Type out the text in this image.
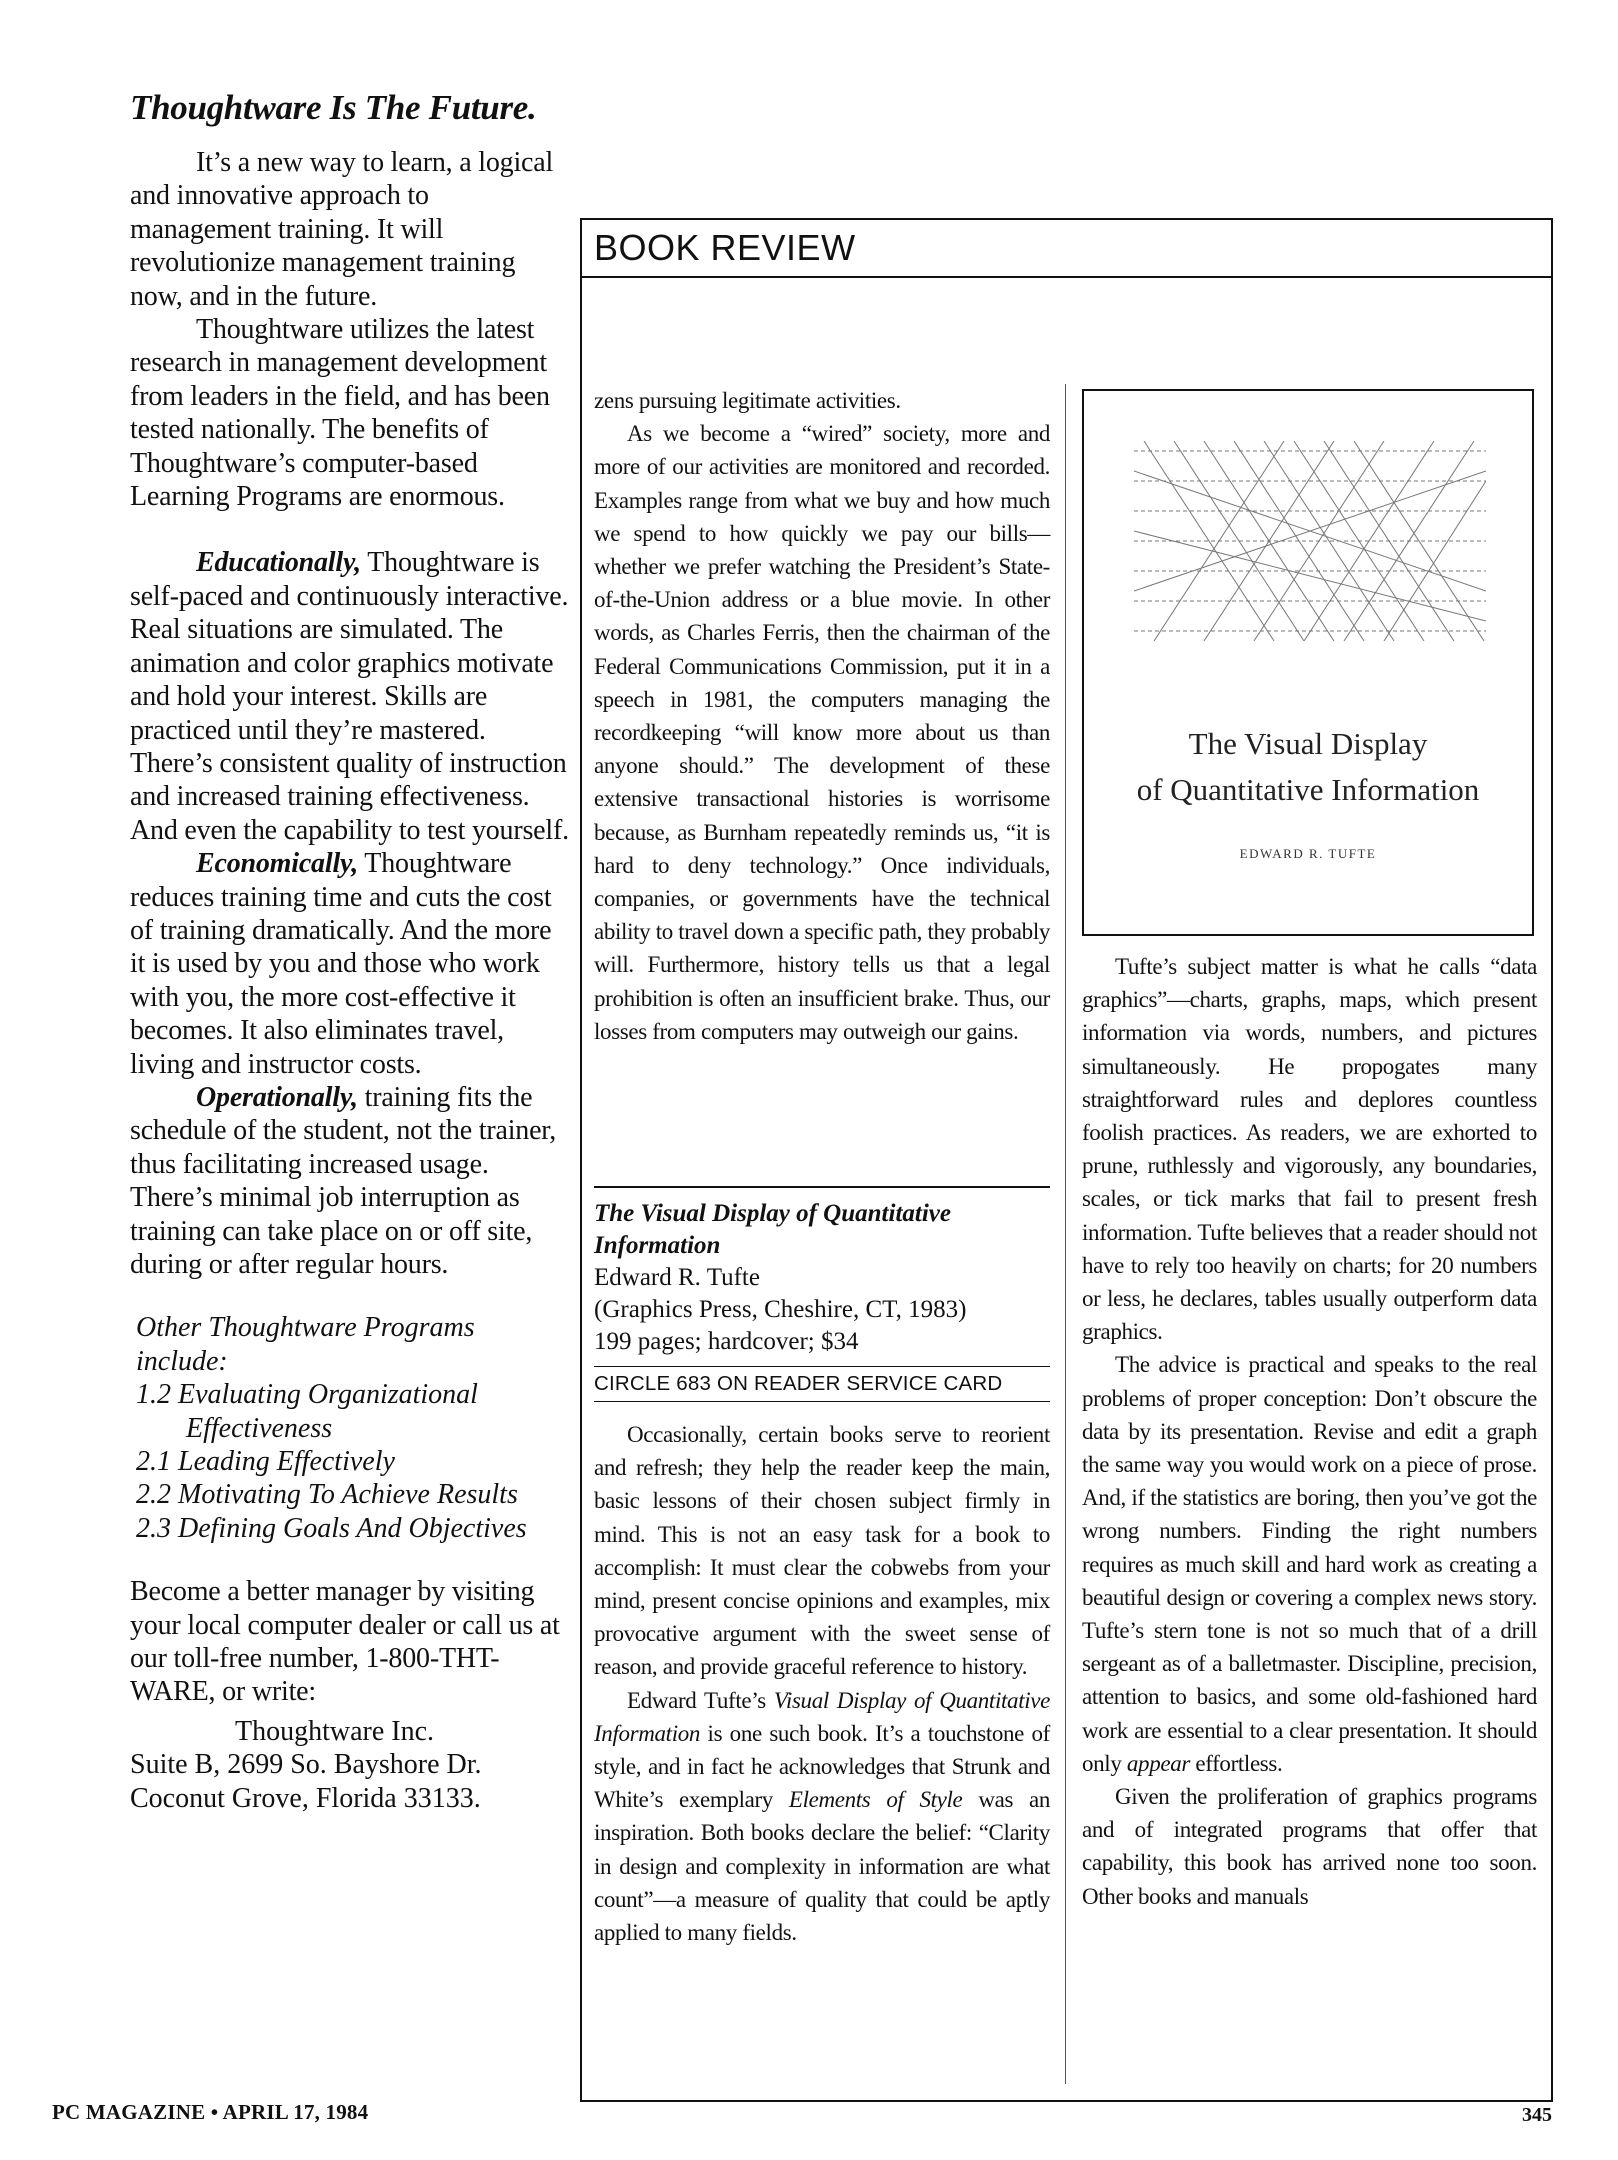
Thoughtware Is The Future.

It’s a new way to learn, a logical and innovative approach to management training. It will revolutionize management training now, and in the future.

Thoughtware utilizes the latest research in management development from leaders in the field, and has been tested nationally. The benefits of Thoughtware’s computer-based Learning Programs are enormous.

Educationally, Thoughtware is self-paced and continuously interactive. Real situations are simulated. The animation and color graphics motivate and hold your interest. Skills are practiced until they’re mastered. There’s consistent quality of instruction and increased training effectiveness. And even the capability to test yourself.

Economically, Thoughtware reduces training time and cuts the cost of training dramatically. And the more it is used by you and those who work with you, the more cost-effective it becomes. It also eliminates travel, living and instructor costs.

Operationally, training fits the schedule of the student, not the trainer, thus facilitating increased usage. There’s minimal job interruption as training can take place on or off site, during or after regular hours.

Other Thoughtware Programs include:
1.2 Evaluating Organizational Effectiveness
2.1 Leading Effectively
2.2 Motivating To Achieve Results
2.3 Defining Goals And Objectives

Become a better manager by visiting your local computer dealer or call us at our toll-free number, 1-800-THT-WARE, or write:

Thoughtware Inc.
Suite B, 2699 So. Bayshore Dr.
Coconut Grove, Florida 33133.
BOOK REVIEW

zens pursuing legitimate activities.

As we become a “wired” society, more and more of our activities are monitored and recorded. Examples range from what we buy and how much we spend to how quickly we pay our bills—whether we prefer watching the President’s State-of-the-Union address or a blue movie. In other words, as Charles Ferris, then the chairman of the Federal Communications Commission, put it in a speech in 1981, the computers managing the recordkeeping “will know more about us than anyone should.” The development of these extensive transactional histories is worrisome because, as Burnham repeatedly reminds us, “it is hard to deny technology.” Once individuals, companies, or governments have the technical ability to travel down a specific path, they probably will. Furthermore, history tells us that a legal prohibition is often an insufficient brake. Thus, our losses from computers may outweigh our gains.

The Visual Display of Quantitative Information
Edward R. Tufte
(Graphics Press, Cheshire, CT, 1983)
199 pages; hardcover; $34
CIRCLE 683 ON READER SERVICE CARD

Occasionally, certain books serve to reorient and refresh; they help the reader keep the main, basic lessons of their chosen subject firmly in mind. This is not an easy task for a book to accomplish: It must clear the cobwebs from your mind, present concise opinions and examples, mix provocative argument with the sweet sense of reason, and provide graceful reference to history.

Edward Tufte’s Visual Display of Quantitative Information is one such book. It’s a touchstone of style, and in fact he acknowledges that Strunk and White’s exemplary Elements of Style was an inspiration. Both books declare the belief: “Clarity in design and complexity in information are what count”—a measure of quality that could be aptly applied to many fields.

The Visual Display
of Quantitative Information
EDWARD R. TUFTE

Tufte’s subject matter is what he calls “data graphics”—charts, graphs, maps, which present information via words, numbers, and pictures simultaneously. He propogates many straightforward rules and deplores countless foolish practices. As readers, we are exhorted to prune, ruthlessly and vigorously, any boundaries, scales, or tick marks that fail to present fresh information. Tufte believes that a reader should not have to rely too heavily on charts; for 20 numbers or less, he declares, tables usually outperform data graphics.

The advice is practical and speaks to the real problems of proper conception: Don’t obscure the data by its presentation. Revise and edit a graph the same way you would work on a piece of prose. And, if the statistics are boring, then you’ve got the wrong numbers. Finding the right numbers requires as much skill and hard work as creating a beautiful design or covering a complex news story. Tufte’s stern tone is not so much that of a drill sergeant as of a balletmaster. Discipline, precision, attention to basics, and some old-fashioned hard work are essential to a clear presentation. It should only appear effortless.

Given the proliferation of graphics programs and of integrated programs that offer that capability, this book has arrived none too soon. Other books and manuals

PC MAGAZINE • APRIL 17, 1984	345
